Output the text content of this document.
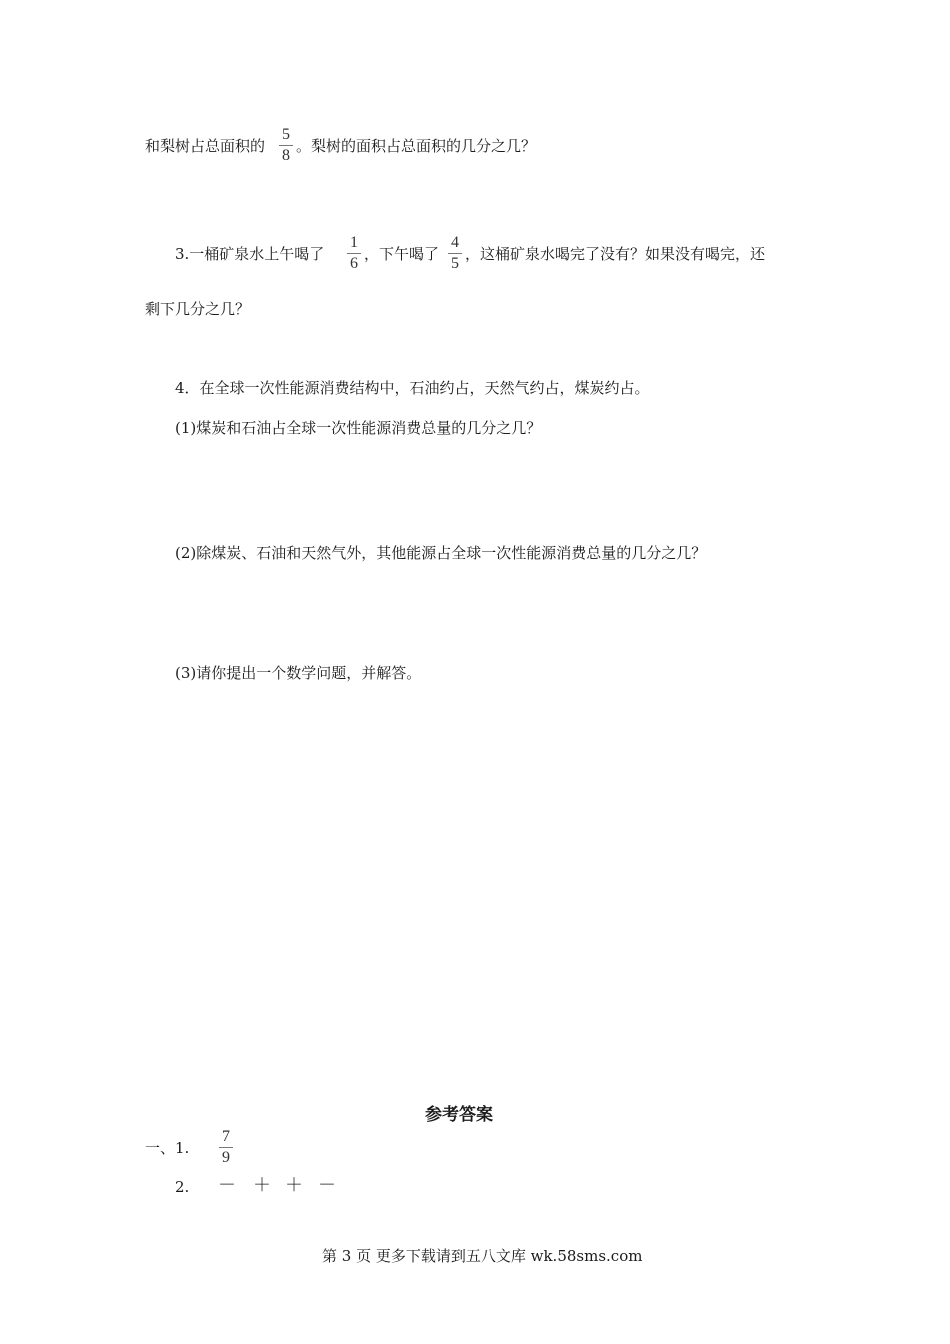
和梨树占总面积的
5
8
。梨树的面积占总面积的几分之几？
3.一桶矿泉水上午喝了
1
6
，下午喝了
4
5
，这桶矿泉水喝完了没有？如果没有喝完，还
剩下几分之几？
4．在全球一次性能源消费结构中，石油约占，天然气约占，煤炭约占。
(1)煤炭和石油占全球一次性能源消费总量的几分之几？
(2)除煤炭、石油和天然气外，其他能源占全球一次性能源消费总量的几分之几？
(3)请你提出一个数学问题，并解答。
参考答案
一、1.
7
9
2. － ＋ ＋ －
第 3 页 更多下载请到五八文库 wk.58sms.com
